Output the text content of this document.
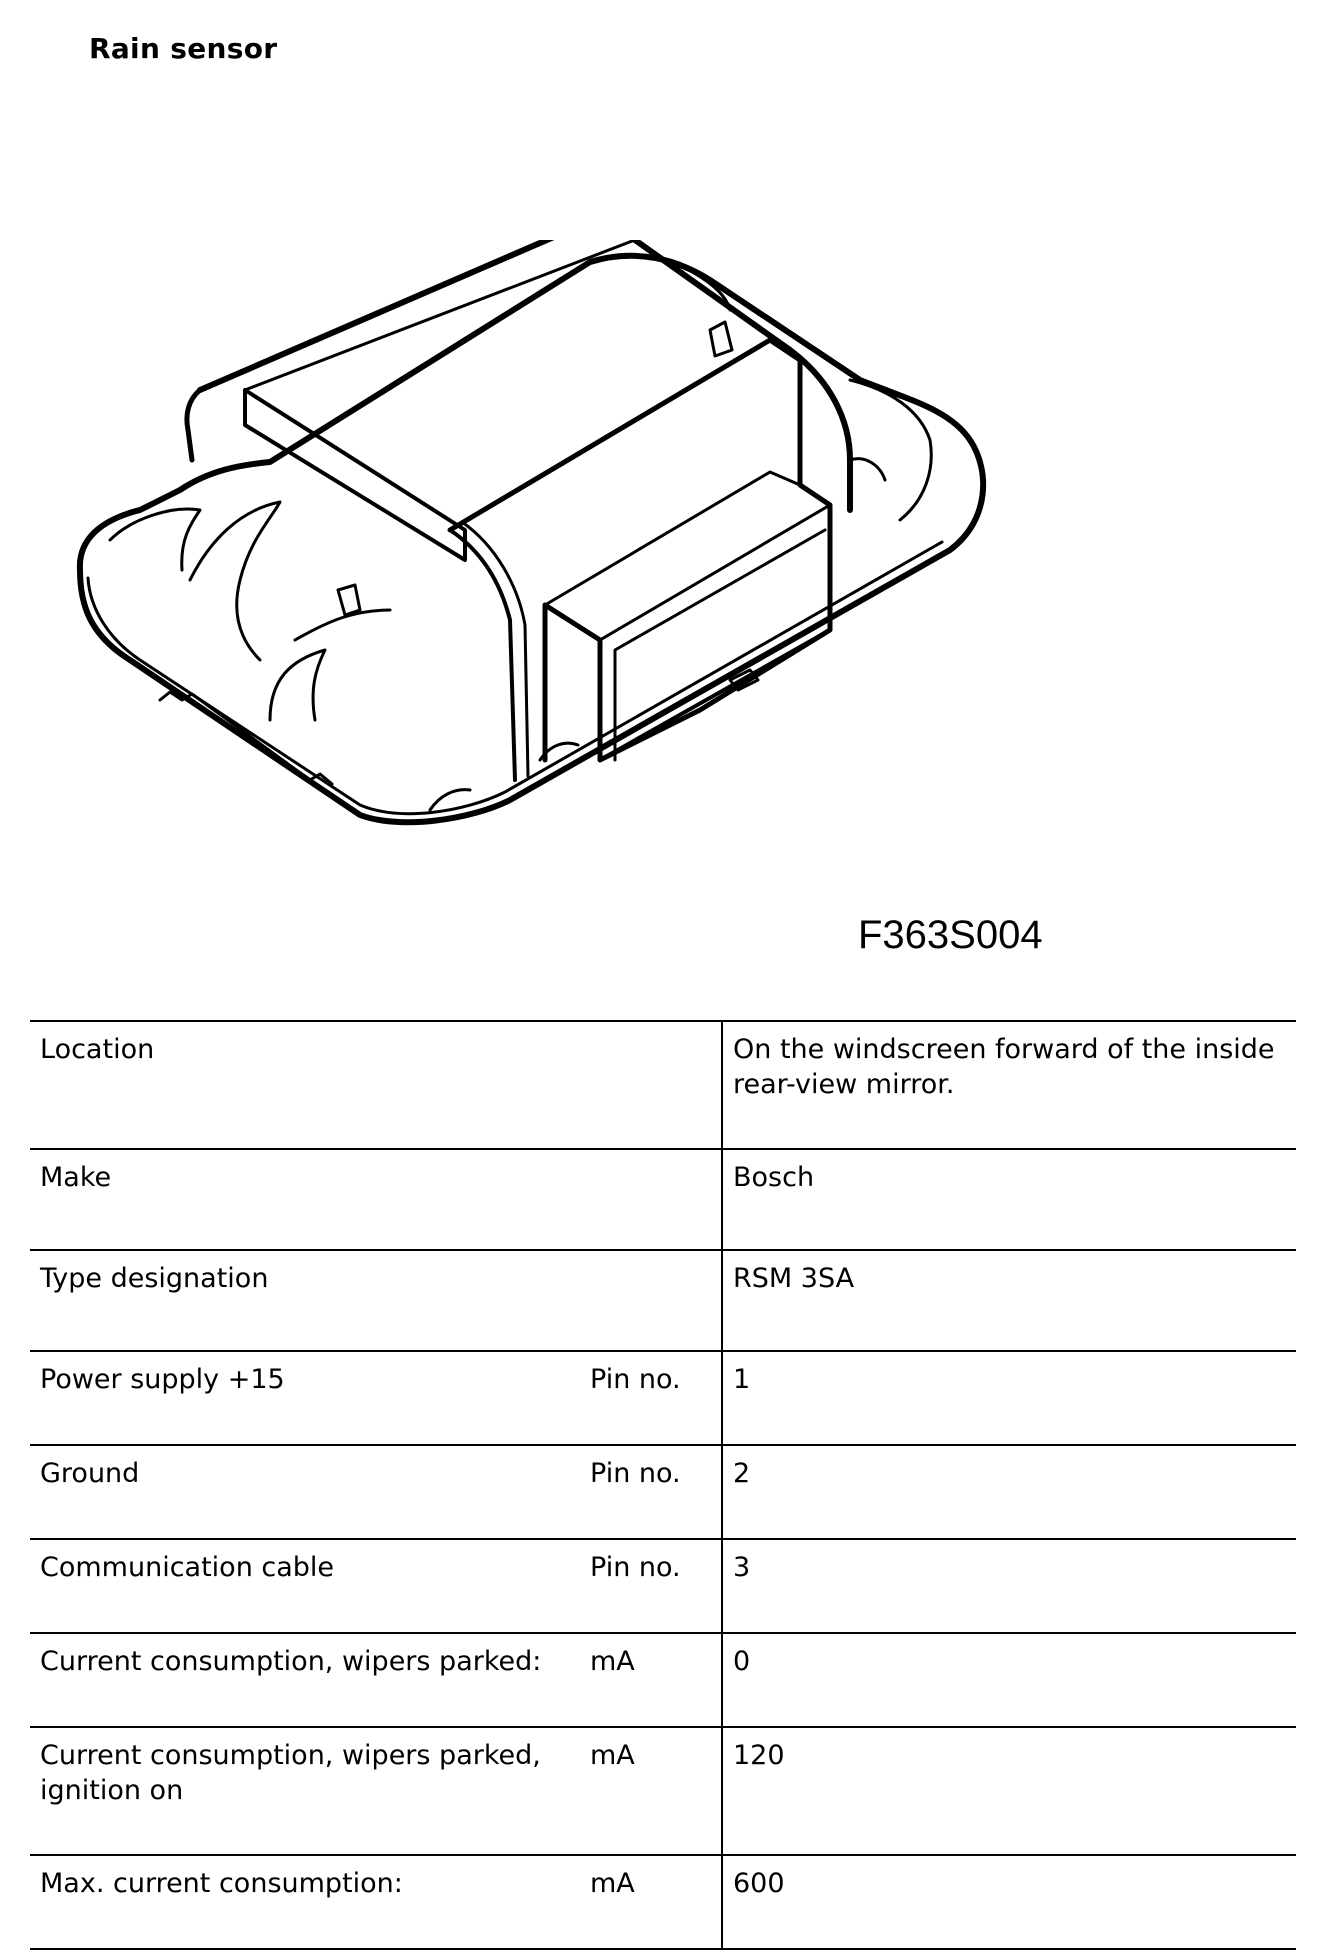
Rain sensor
F363S004
Location		On the windscreen forward of the inside rear-view mirror.
Make		Bosch
Type designation		RSM 3SA
Power supply +15	Pin no.	1
Ground	Pin no.	2
Communication cable	Pin no.	3
Current consumption, wipers parked:	mA	0
Current consumption, wipers parked, ignition on	mA	120
Max. current consumption:	mA	600
